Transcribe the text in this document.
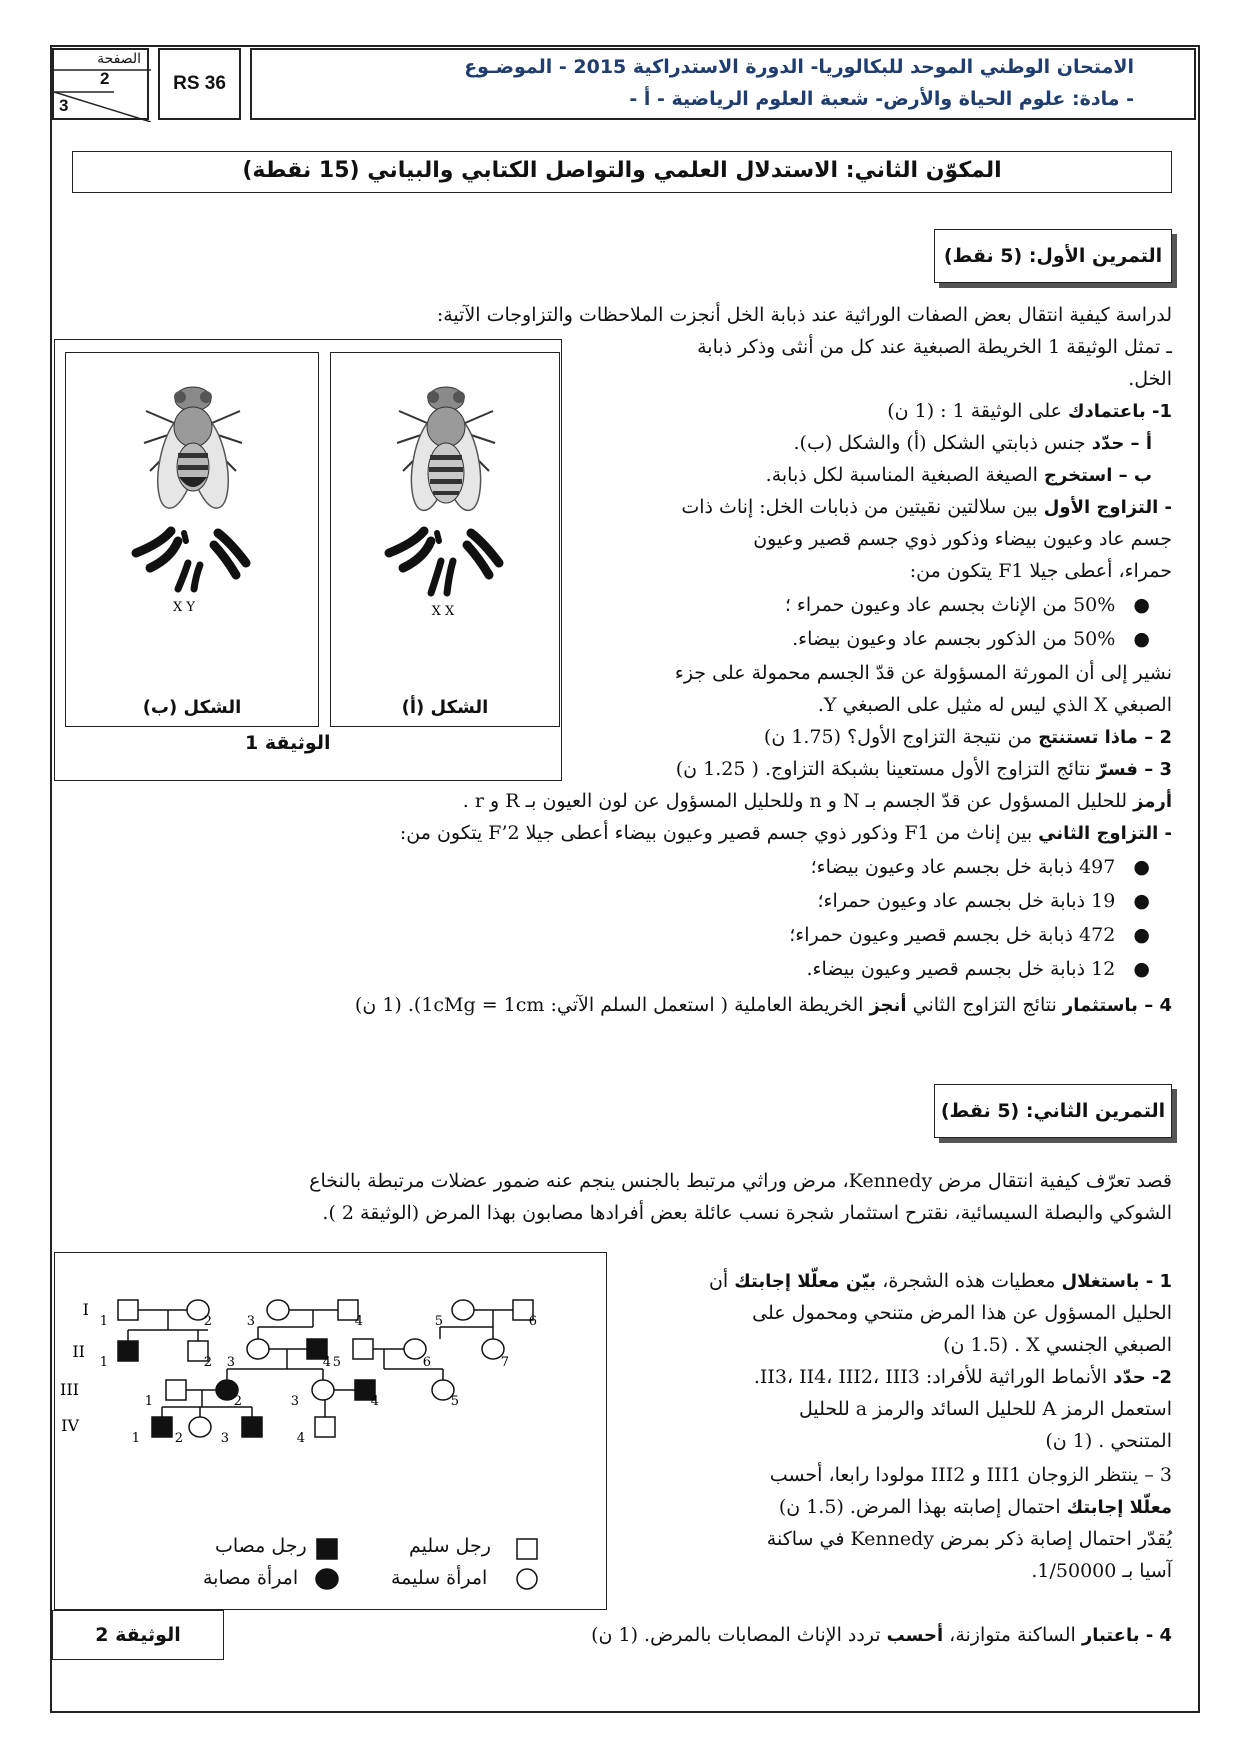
الصفحة
2
3
RS 36
الامتحان الوطني الموحد للبكالوريا- الدورة الاستدراكية 2015 - الموضـوع
- مادة: علوم الحياة والأرض- شعبة العلوم الرياضية - أ -
المكوّن الثاني: الاستدلال العلمي والتواصل الكتابي والبياني (15 نقطة)
التمرين الأول: (5 نقط)
لدراسة كيفية انتقال بعض الصفات الوراثية عند ذبابة الخل أنجزت الملاحظات والتزاوجات الآتية:
ـ تمثل الوثيقة 1 الخريطة الصبغية عند كل من أنثى وذكر ذبابة
الخل.
1- باعتمادك على الوثيقة 1 : (1 ن)
أ – حدّد جنس ذبابتي الشكل (أ) والشكل (ب).
ب – استخرج الصيغة الصبغية المناسبة لكل ذبابة.
- التزاوج الأول بين سلالتين نقيتين من ذبابات الخل: إناث ذات
جسم عاد وعيون بيضاء وذكور ذوي جسم قصير وعيون
حمراء، أعطى جيلا F1 يتكون من:
●   50% من الإناث بجسم عاد وعيون حمراء ؛
●   50% من الذكور بجسم عاد وعيون بيضاء.
نشير إلى أن المورثة المسؤولة عن قدّ الجسم محمولة على جزء
الصبغي X الذي ليس له مثيل على الصبغي Y.
2 – ماذا تستنتج من نتيجة التزاوج الأول؟ (1.75 ن)
3 – فسرّ نتائج التزاوج الأول مستعينا بشبكة التزاوج. ( 1.25 ن)
أرمز للحليل المسؤول عن قدّ الجسم بـ N و n وللحليل المسؤول عن لون العيون بـ R و r .
- التزاوج الثاني بين إناث من F1 وذكور ذوي جسم قصير وعيون بيضاء أعطى جيلا F’2 يتكون من:
●   497 ذبابة خل بجسم عاد وعيون بيضاء؛
●   19 ذبابة خل بجسم عاد وعيون حمراء؛
●   472 ذبابة خل بجسم قصير وعيون حمراء؛
●   12 ذبابة خل بجسم قصير وعيون بيضاء.
4 – باستثمار نتائج التزاوج الثاني أنجز الخريطة العاملية ( استعمل السلم الآتي: 1cMg = 1cm). (1 ن)
X Y
الشكل (ب)
X X
الشكل (أ)
الوثيقة 1
التمرين الثاني: (5 نقط)
قصد تعرّف كيفية انتقال مرض Kennedy، مرض وراثي مرتبط بالجنس ينجم عنه ضمور عضلات مرتبطة بالنخاع
الشوكي والبصلة السيسائية، نقترح استثمار شجرة نسب عائلة بعض أفرادها مصابون بهذا المرض (الوثيقة 2 ).
1 - باستغلال معطيات هذه الشجرة، بيّن معلّلا إجابتك أن
الحليل المسؤول عن هذا المرض متنحي ومحمول على
الصبغي الجنسي X . (1.5 ن)
2- حدّد الأنماط الوراثية للأفراد: II3، II4، III2، III3.
استعمل الرمز A للحليل السائد والرمز a للحليل
المتنحي . (1 ن)
3 – ينتظر الزوجان III1 و III2 مولودا رابعا، أحسب
معلّلا إجابتك احتمال إصابته بهذا المرض. (1.5 ن)
يُقدّر احتمال إصابة ذكر بمرض Kennedy في ساكنة
آسيا بـ 1/50000.
4 - باعتبار الساكنة متوازنة، أحسب تردد الإناث المصابات بالمرض. (1 ن)
I
II
III
IV
1	2	3	4	5	6
1	2 3	4 5	6	7
1	2	3	4	5
1	2	3	4
رجل سليم
امرأة سليمة
رجل مصاب
امرأة مصابة
الوثيقة 2
